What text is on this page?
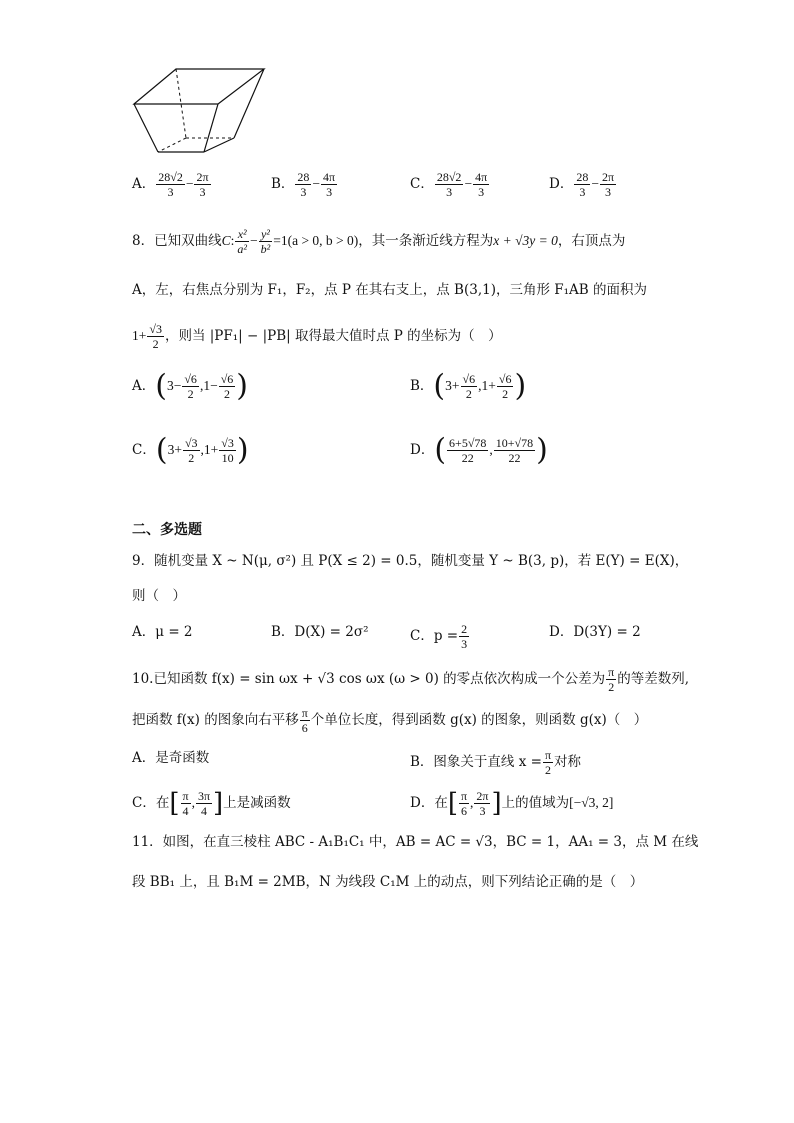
A． $\frac{28√2}{3} - \frac{2\pi}{3}$	B． $\frac{28}{3} - \frac{4\pi}{3}$	C． $\frac{28√2}{3} - \frac{4\pi}{3}$	D． $\frac{28}{3} - \frac{2\pi}{3}$
8．已知双曲线C: $\frac{\text{x²}}{\text{a²}} - \frac{\text{y²}}{\text{b²}} =1(a > 0$, b > 0)，其一条渐近线方程为x + √3y = 0，右顶点为
A，左，右焦点分别为 F₁，F₂，点 P 在其右支上，点 B(3,1)，三角形 F₁AB 的面积为
$1+ \frac{√3}{2}$ ，则当 |PF₁| − |PB| 取得最大值时点 P 的坐标为（　）
A．($3- \frac{√6}{2} ,1- \frac{√6}{2}$ )	B．($3+ \frac{√6}{2} ,1+ \frac{√6}{2}$ )
C．($3+ \frac{√3}{2} ,1+ \frac{√3}{10}$ )	D．( $\frac{6+5√78}{22}$ , $\frac{10+√78}{22}$ )
二、多选题
9．随机变量 X ~ N(μ, σ²) 且 P(X ≤ 2) = 0.5，随机变量 Y ~ B(3, p)，若 E(Y) = E(X)，
则（　）
A．μ = 2	B．D(X) = 2σ²	C．$p = \frac{2}{3}$	D．D(3Y) = 2
10.已知函数 f(x) = sin ωx + √3 cos ωx (ω > 0) 的零点依次构成一个公差为 $\frac{\pi}{2}$ 的等差数列,
把函数 f(x) 的图象向右平移 $\frac{\pi}{6}$ 个单位长度，得到函数 g(x) 的图象，则函数 g(x)（　）
A．是奇函数	B．图象关于直线 $x = \frac{\pi}{2}$ 对称
C．在[ $\frac{\pi}{4}$ , $\frac{3\pi}{4}$ ]上是减函数	D．在[ $\frac{\pi}{6}$ , $\frac{2\pi}{3}$ ]上的值域为[−√3, 2]
11．如图，在直三棱柱 ABC - A₁B₁C₁ 中，AB = AC = √3，BC = 1，AA₁ = 3，点 M 在线
段 BB₁ 上，且 B₁M = 2MB，N 为线段 C₁M 上的动点，则下列结论正确的是（　）
